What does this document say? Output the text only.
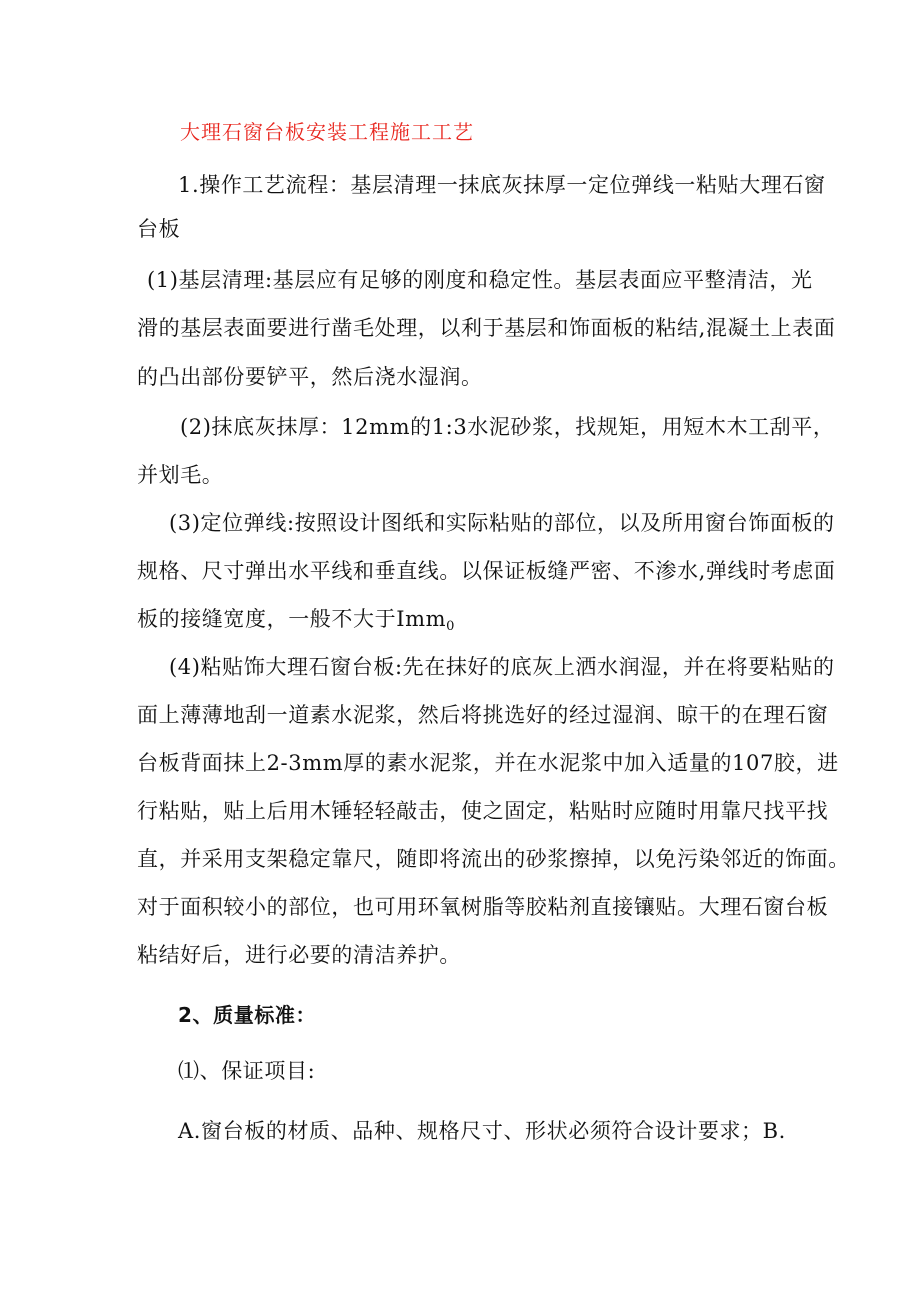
大理石窗台板安装工程施工工艺
1.操作工艺流程：基层清理一抹底灰抹厚一定位弹线一粘贴大理石窗
台板
(1)基层清理:基层应有足够的刚度和稳定性。基层表面应平整清洁，光
滑的基层表面要进行凿毛处理，以利于基层和饰面板的粘结,混凝土上表面
的凸出部份要铲平，然后浇水湿润。
(2)抹底灰抹厚：12mm的1:3水泥砂浆，找规矩，用短木木工刮平，
并划毛。
(3)定位弹线:按照设计图纸和实际粘贴的部位，以及所用窗台饰面板的
规格、尺寸弹出水平线和垂直线。以保证板缝严密、不渗水,弹线时考虑面
板的接缝宽度，一般不大于Imm$_0$
(4)粘贴饰大理石窗台板:先在抹好的底灰上洒水润湿，并在将要粘贴的
面上薄薄地刮一道素水泥浆，然后将挑选好的经过湿润、晾干的在理石窗
台板背面抹上2-3mm厚的素水泥浆，并在水泥浆中加入适量的107胶，进
行粘贴，贴上后用木锤轻轻敲击，使之固定，粘贴时应随时用靠尺找平找
直，并采用支架稳定靠尺，随即将流出的砂浆擦掉，以免污染邻近的饰面。
对于面积较小的部位，也可用环氧树脂等胶粘剂直接镶贴。大理石窗台板
粘结好后，进行必要的清洁养护。
2、质量标准：
⑴、保证项目:
A.窗台板的材质、品种、规格尺寸、形状必须符合设计要求；B.
